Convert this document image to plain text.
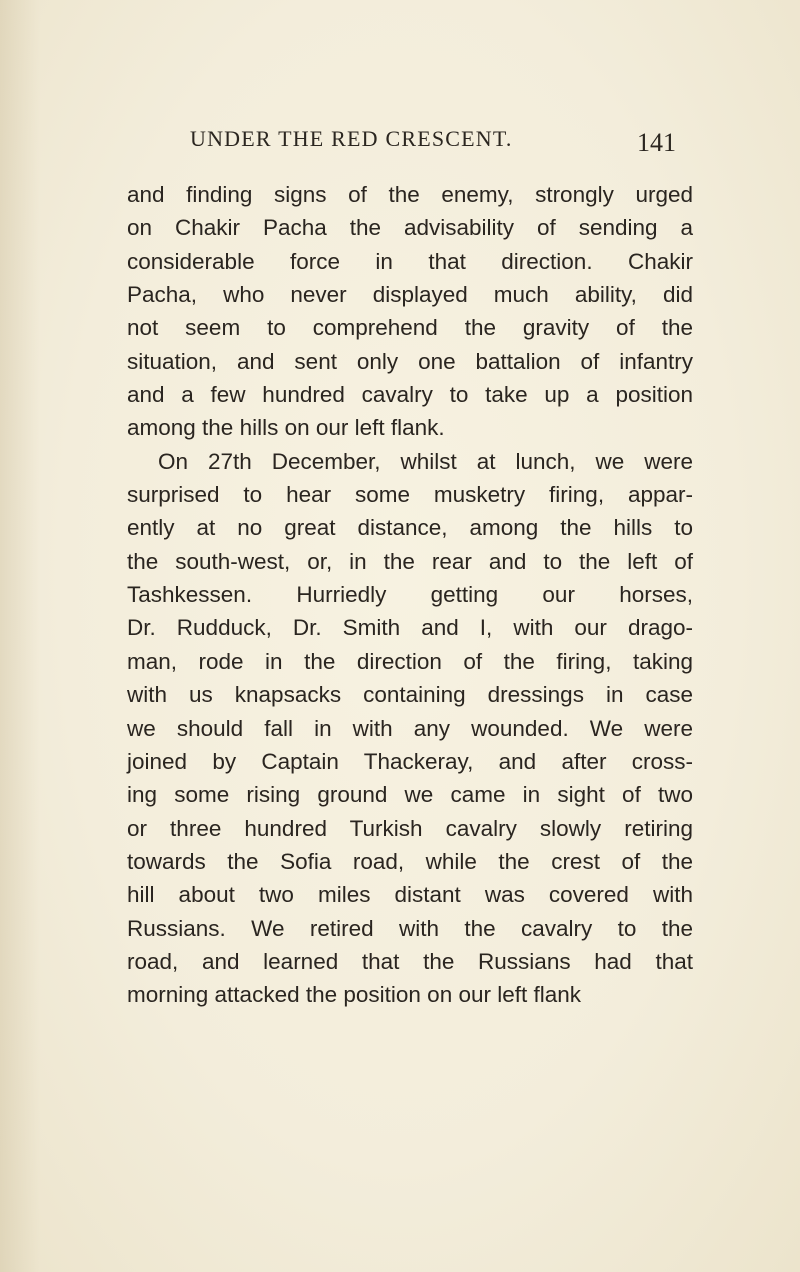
UNDER THE RED CRESCENT.	141
and finding signs of the enemy, strongly urged
on Chakir Pacha the advisability of sending a
considerable force in that direction. Chakir
Pacha, who never displayed much ability, did
not seem to comprehend the gravity of the
situation, and sent only one battalion of infantry
and a few hundred cavalry to take up a position
among the hills on our left flank.
On 27th December, whilst at lunch, we were
surprised to hear some musketry firing, appar-
ently at no great distance, among the hills to
the south-west, or, in the rear and to the left of
Tashkessen. Hurriedly getting our horses,
Dr. Rudduck, Dr. Smith and I, with our drago-
man, rode in the direction of the firing, taking
with us knapsacks containing dressings in case
we should fall in with any wounded. We were
joined by Captain Thackeray, and after cross-
ing some rising ground we came in sight of two
or three hundred Turkish cavalry slowly retiring
towards the Sofia road, while the crest of the
hill about two miles distant was covered with
Russians. We retired with the cavalry to the
road, and learned that the Russians had that
morning attacked the position on our left flank
